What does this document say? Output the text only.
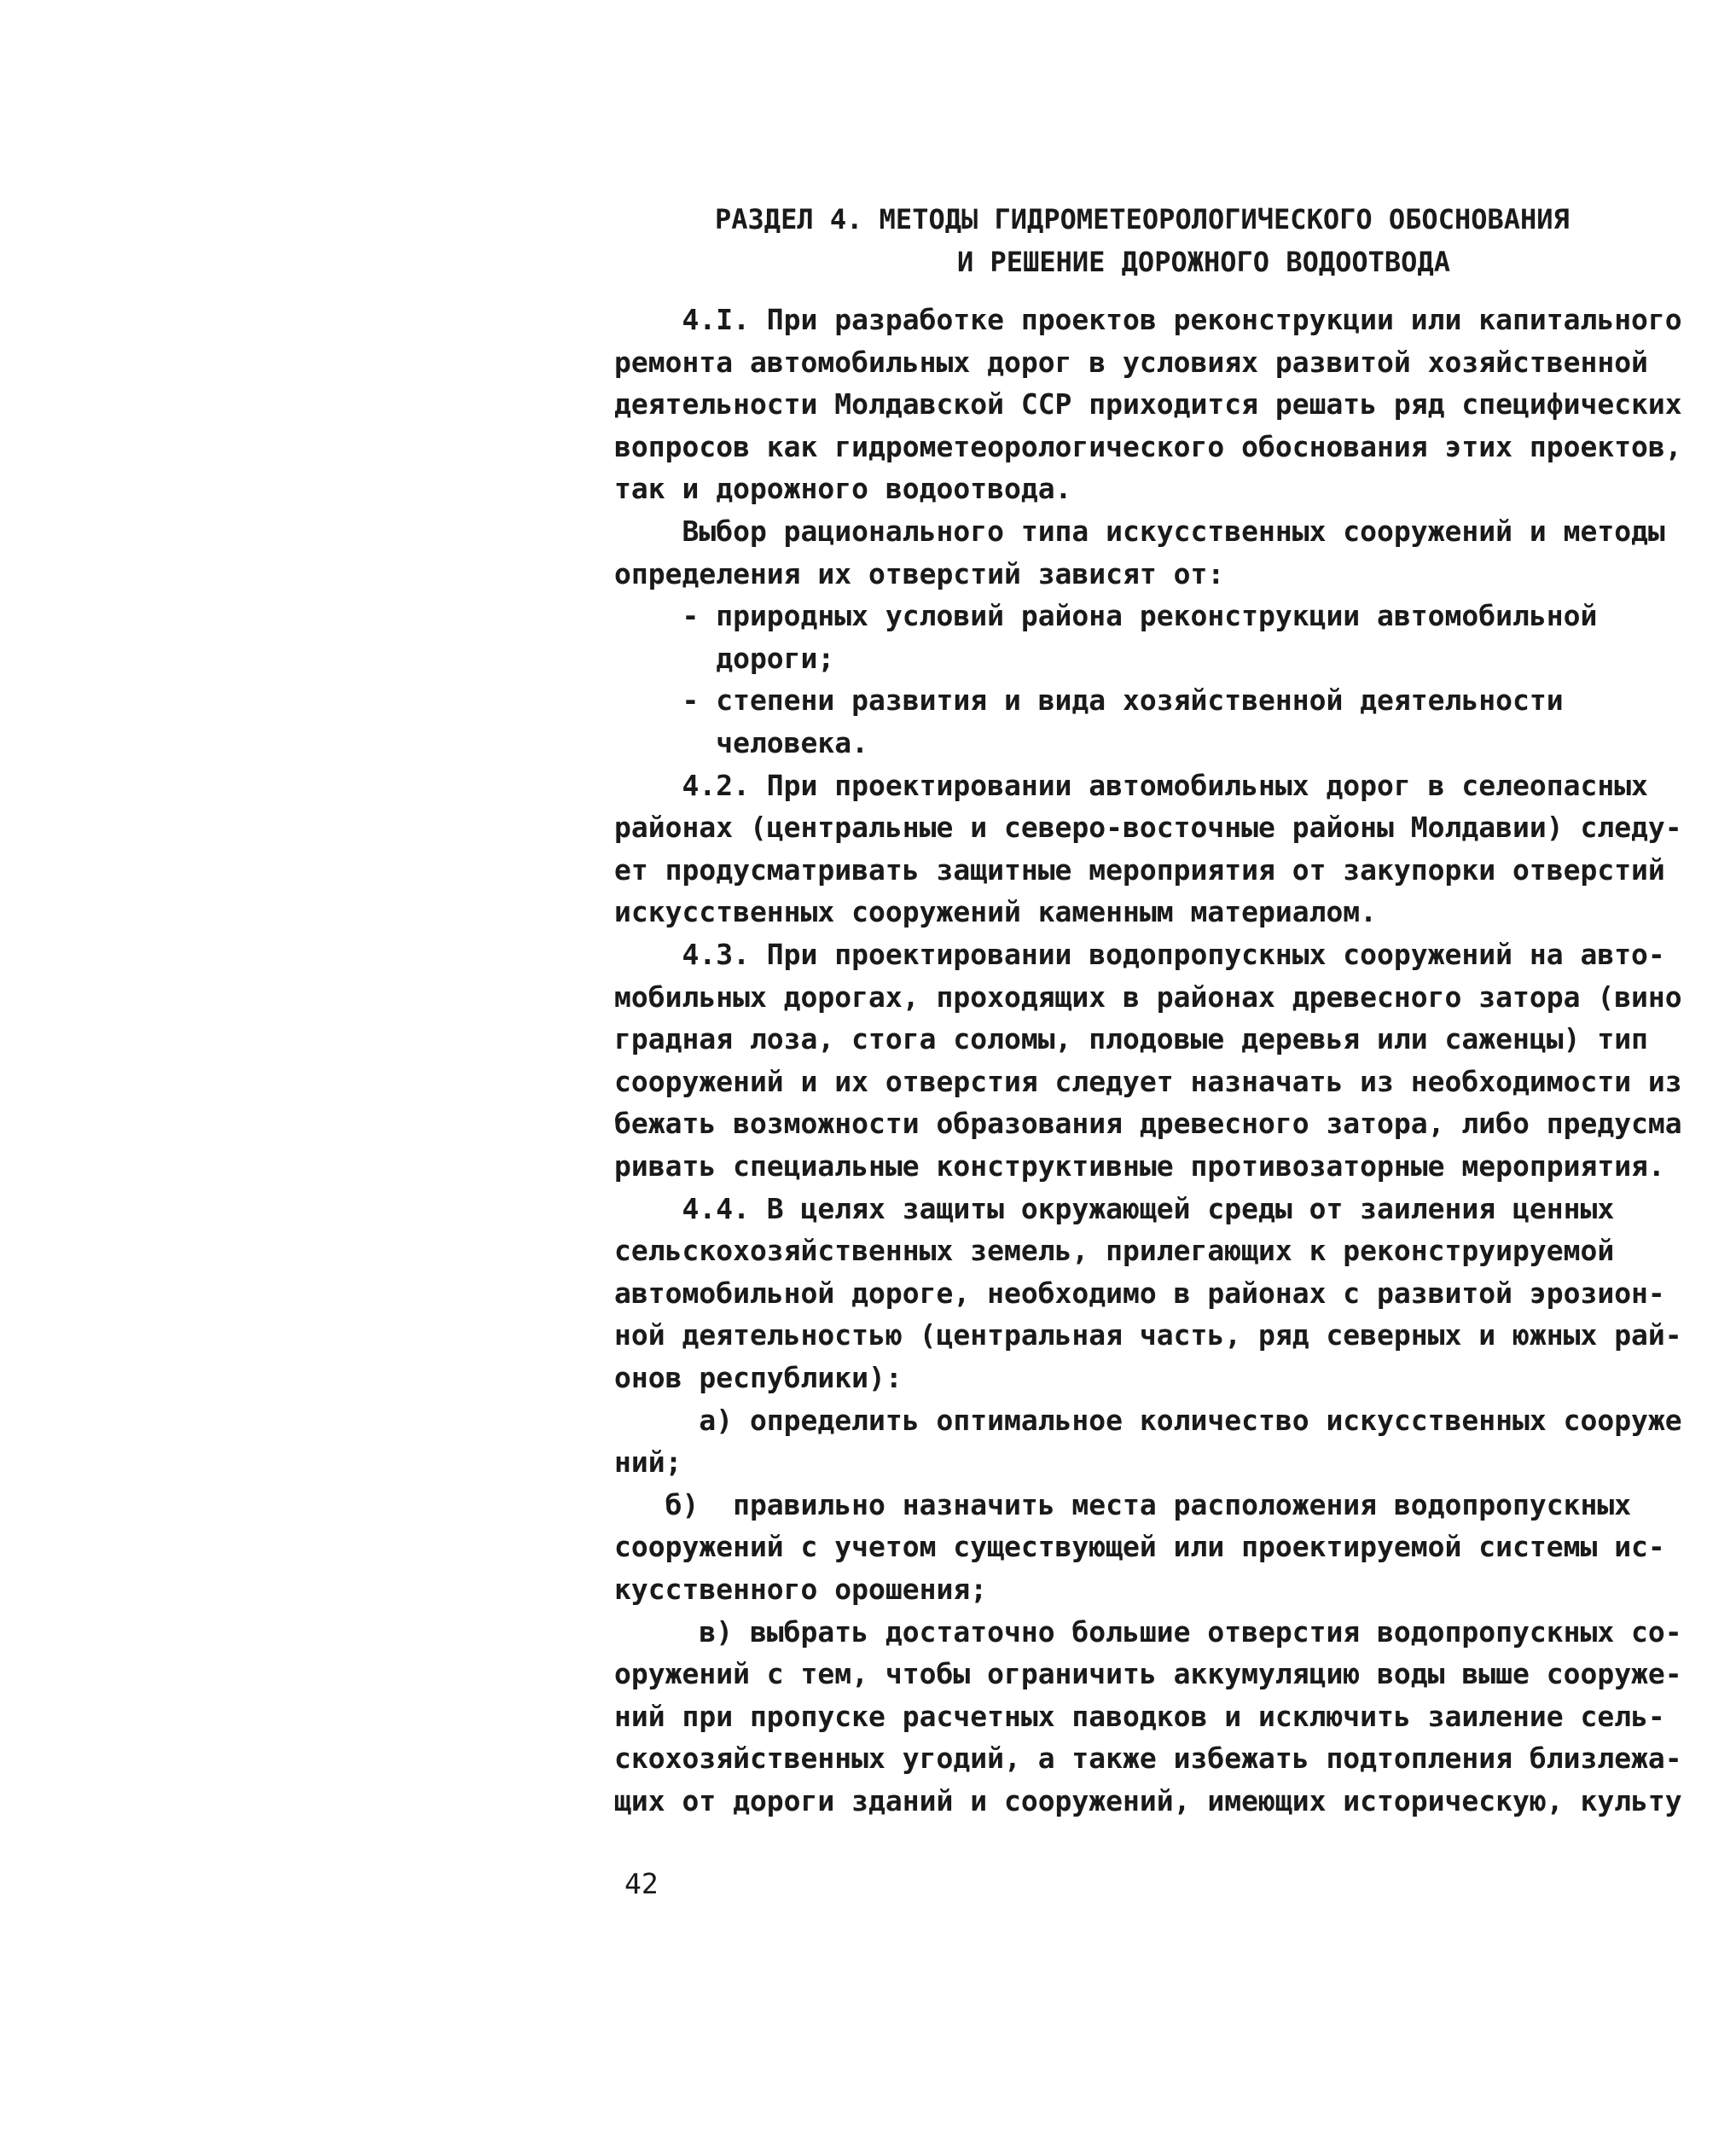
РАЗДЕЛ 4. МЕТОДЫ ГИДРОМЕТЕОРОЛОГИЧЕСКОГО ОБОСНОВАНИЯ
И РЕШЕНИЕ ДОРОЖНОГО ВОДООТВОДА
4.I. При разработке проектов реконструкции или капитального
ремонта автомобильных дорог в условиях развитой хозяйственной
деятельности Молдавской ССР приходится решать ряд специфических
вопросов как гидрометеорологического обоснования этих проектов,
так и дорожного водоотвода.
Выбор рационального типа искусственных сооружений и методы
определения их отверстий зависят от:
- природных условий района реконструкции автомобильной
дороги;
- степени развития и вида хозяйственной деятельности
человека.
4.2. При проектировании автомобильных дорог в селеопасных
районах (центральные и северо-восточные районы Молдавии) следу-
ет продусматривать защитные мероприятия от закупорки отверстий
искусственных сооружений каменным материалом.
4.3. При проектировании водопропускных сооружений на авто-
мобильных дорогах, проходящих в районах древесного затора (вино
градная лоза, стога соломы, плодовые деревья или саженцы) тип
сооружений и их отверстия следует назначать из необходимости из
бежать возможности образования древесного затора, либо предусма
ривать специальные конструктивные противозаторные мероприятия.
4.4. В целях защиты окружающей среды от заиления ценных
сельскохозяйственных земель, прилегающих к реконструируемой
автомобильной дороге, необходимо в районах с развитой эрозион-
ной деятельностью (центральная часть, ряд северных и южных рай-
онов республики):
а) определить оптимальное количество искусственных сооруже
ний;
б)  правильно назначить места расположения водопропускных
сооружений с учетом существующей или проектируемой системы ис-
кусственного орошения;
в) выбрать достаточно большие отверстия водопропускных со-
оружений с тем, чтобы ограничить аккумуляцию воды выше сооруже-
ний при пропуске расчетных паводков и исключить заиление сель-
скохозяйственных угодий, а также избежать подтопления близлежа-
щих от дороги зданий и сооружений, имеющих историческую, культу
42
